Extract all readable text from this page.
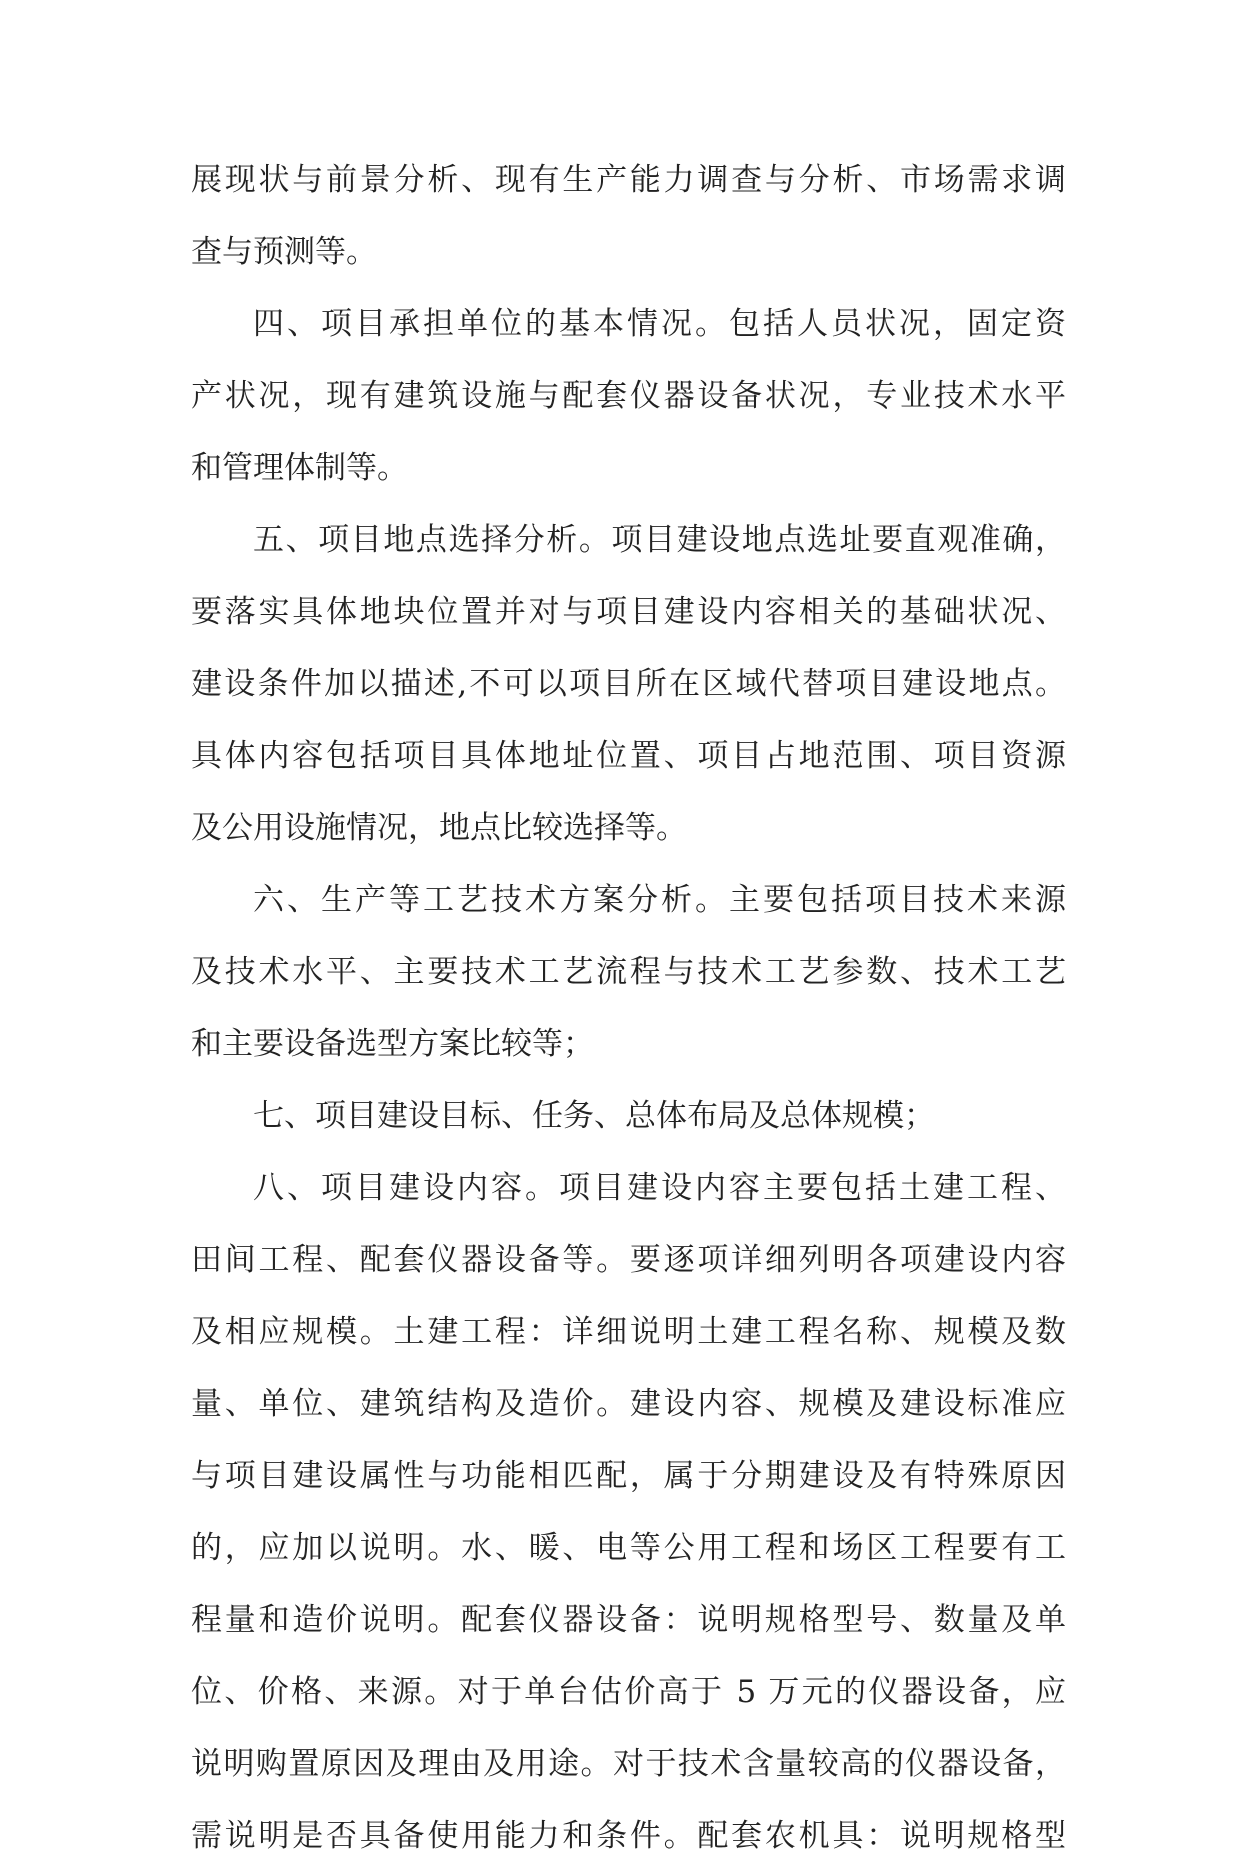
展现状与前景分析、现有生产能力调查与分析、市场需求调
查与预测等。
四、项目承担单位的基本情况。包括人员状况，固定资
产状况，现有建筑设施与配套仪器设备状况，专业技术水平
和管理体制等。
五、项目地点选择分析。项目建设地点选址要直观准确，
要落实具体地块位置并对与项目建设内容相关的基础状况、
建设条件加以描述,不可以项目所在区域代替项目建设地点。
具体内容包括项目具体地址位置、项目占地范围、项目资源
及公用设施情况，地点比较选择等。
六、生产等工艺技术方案分析。主要包括项目技术来源
及技术水平、主要技术工艺流程与技术工艺参数、技术工艺
和主要设备选型方案比较等；
七、项目建设目标、任务、总体布局及总体规模；
八、项目建设内容。项目建设内容主要包括土建工程、
田间工程、配套仪器设备等。要逐项详细列明各项建设内容
及相应规模。土建工程：详细说明土建工程名称、规模及数
量、单位、建筑结构及造价。建设内容、规模及建设标准应
与项目建设属性与功能相匹配，属于分期建设及有特殊原因
的，应加以说明。水、暖、电等公用工程和场区工程要有工
程量和造价说明。配套仪器设备：说明规格型号、数量及单
位、价格、来源。对于单台估价高于 5 万元的仪器设备，应
说明购置原因及理由及用途。对于技术含量较高的仪器设备，
需说明是否具备使用能力和条件。配套农机具：说明规格型
